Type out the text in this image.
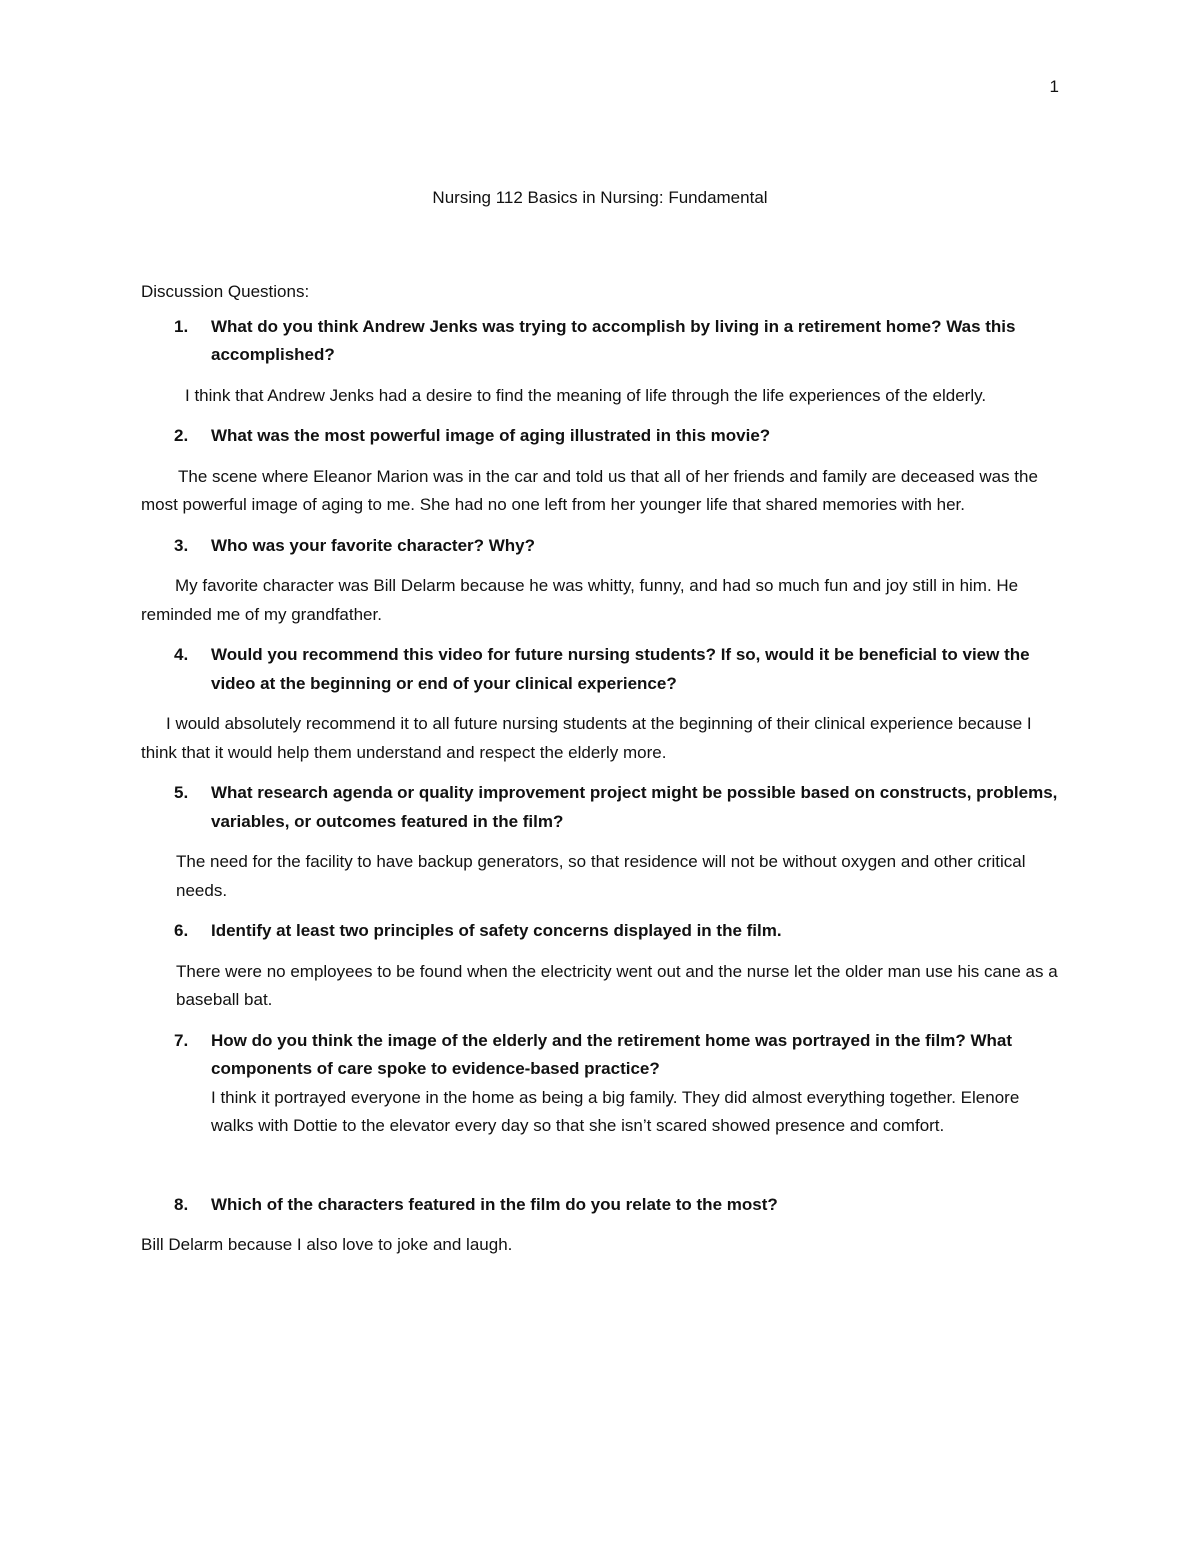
1
Nursing 112 Basics in Nursing: Fundamental

Discussion Questions:

1. What do you think Andrew Jenks was trying to accomplish by living in a retirement home? Was this accomplished?

I think that Andrew Jenks had a desire to find the meaning of life through the life experiences of the elderly.

2. What was the most powerful image of aging illustrated in this movie?

The scene where Eleanor Marion was in the car and told us that all of her friends and family are deceased was the most powerful image of aging to me. She had no one left from her younger life that shared memories with her.

3. Who was your favorite character? Why?

My favorite character was Bill Delarm because he was whitty, funny, and had so much fun and joy still in him. He reminded me of my grandfather.

4. Would you recommend this video for future nursing students? If so, would it be beneficial to view the video at the beginning or end of your clinical experience?

I would absolutely recommend it to all future nursing students at the beginning of their clinical experience because I think that it would help them understand and respect the elderly more.

5. What research agenda or quality improvement project might be possible based on constructs, problems, variables, or outcomes featured in the film?

The need for the facility to have backup generators, so that residence will not be without oxygen and other critical needs.

6. Identify at least two principles of safety concerns displayed in the film.

There were no employees to be found when the electricity went out and the nurse let the older man use his cane as a baseball bat.

7. How do you think the image of the elderly and the retirement home was portrayed in the film? What components of care spoke to evidence-based practice?

I think it portrayed everyone in the home as being a big family. They did almost everything together. Elenore walks with Dottie to the elevator every day so that she isn’t scared showed presence and comfort.

8. Which of the characters featured in the film do you relate to the most?

Bill Delarm because I also love to joke and laugh.
